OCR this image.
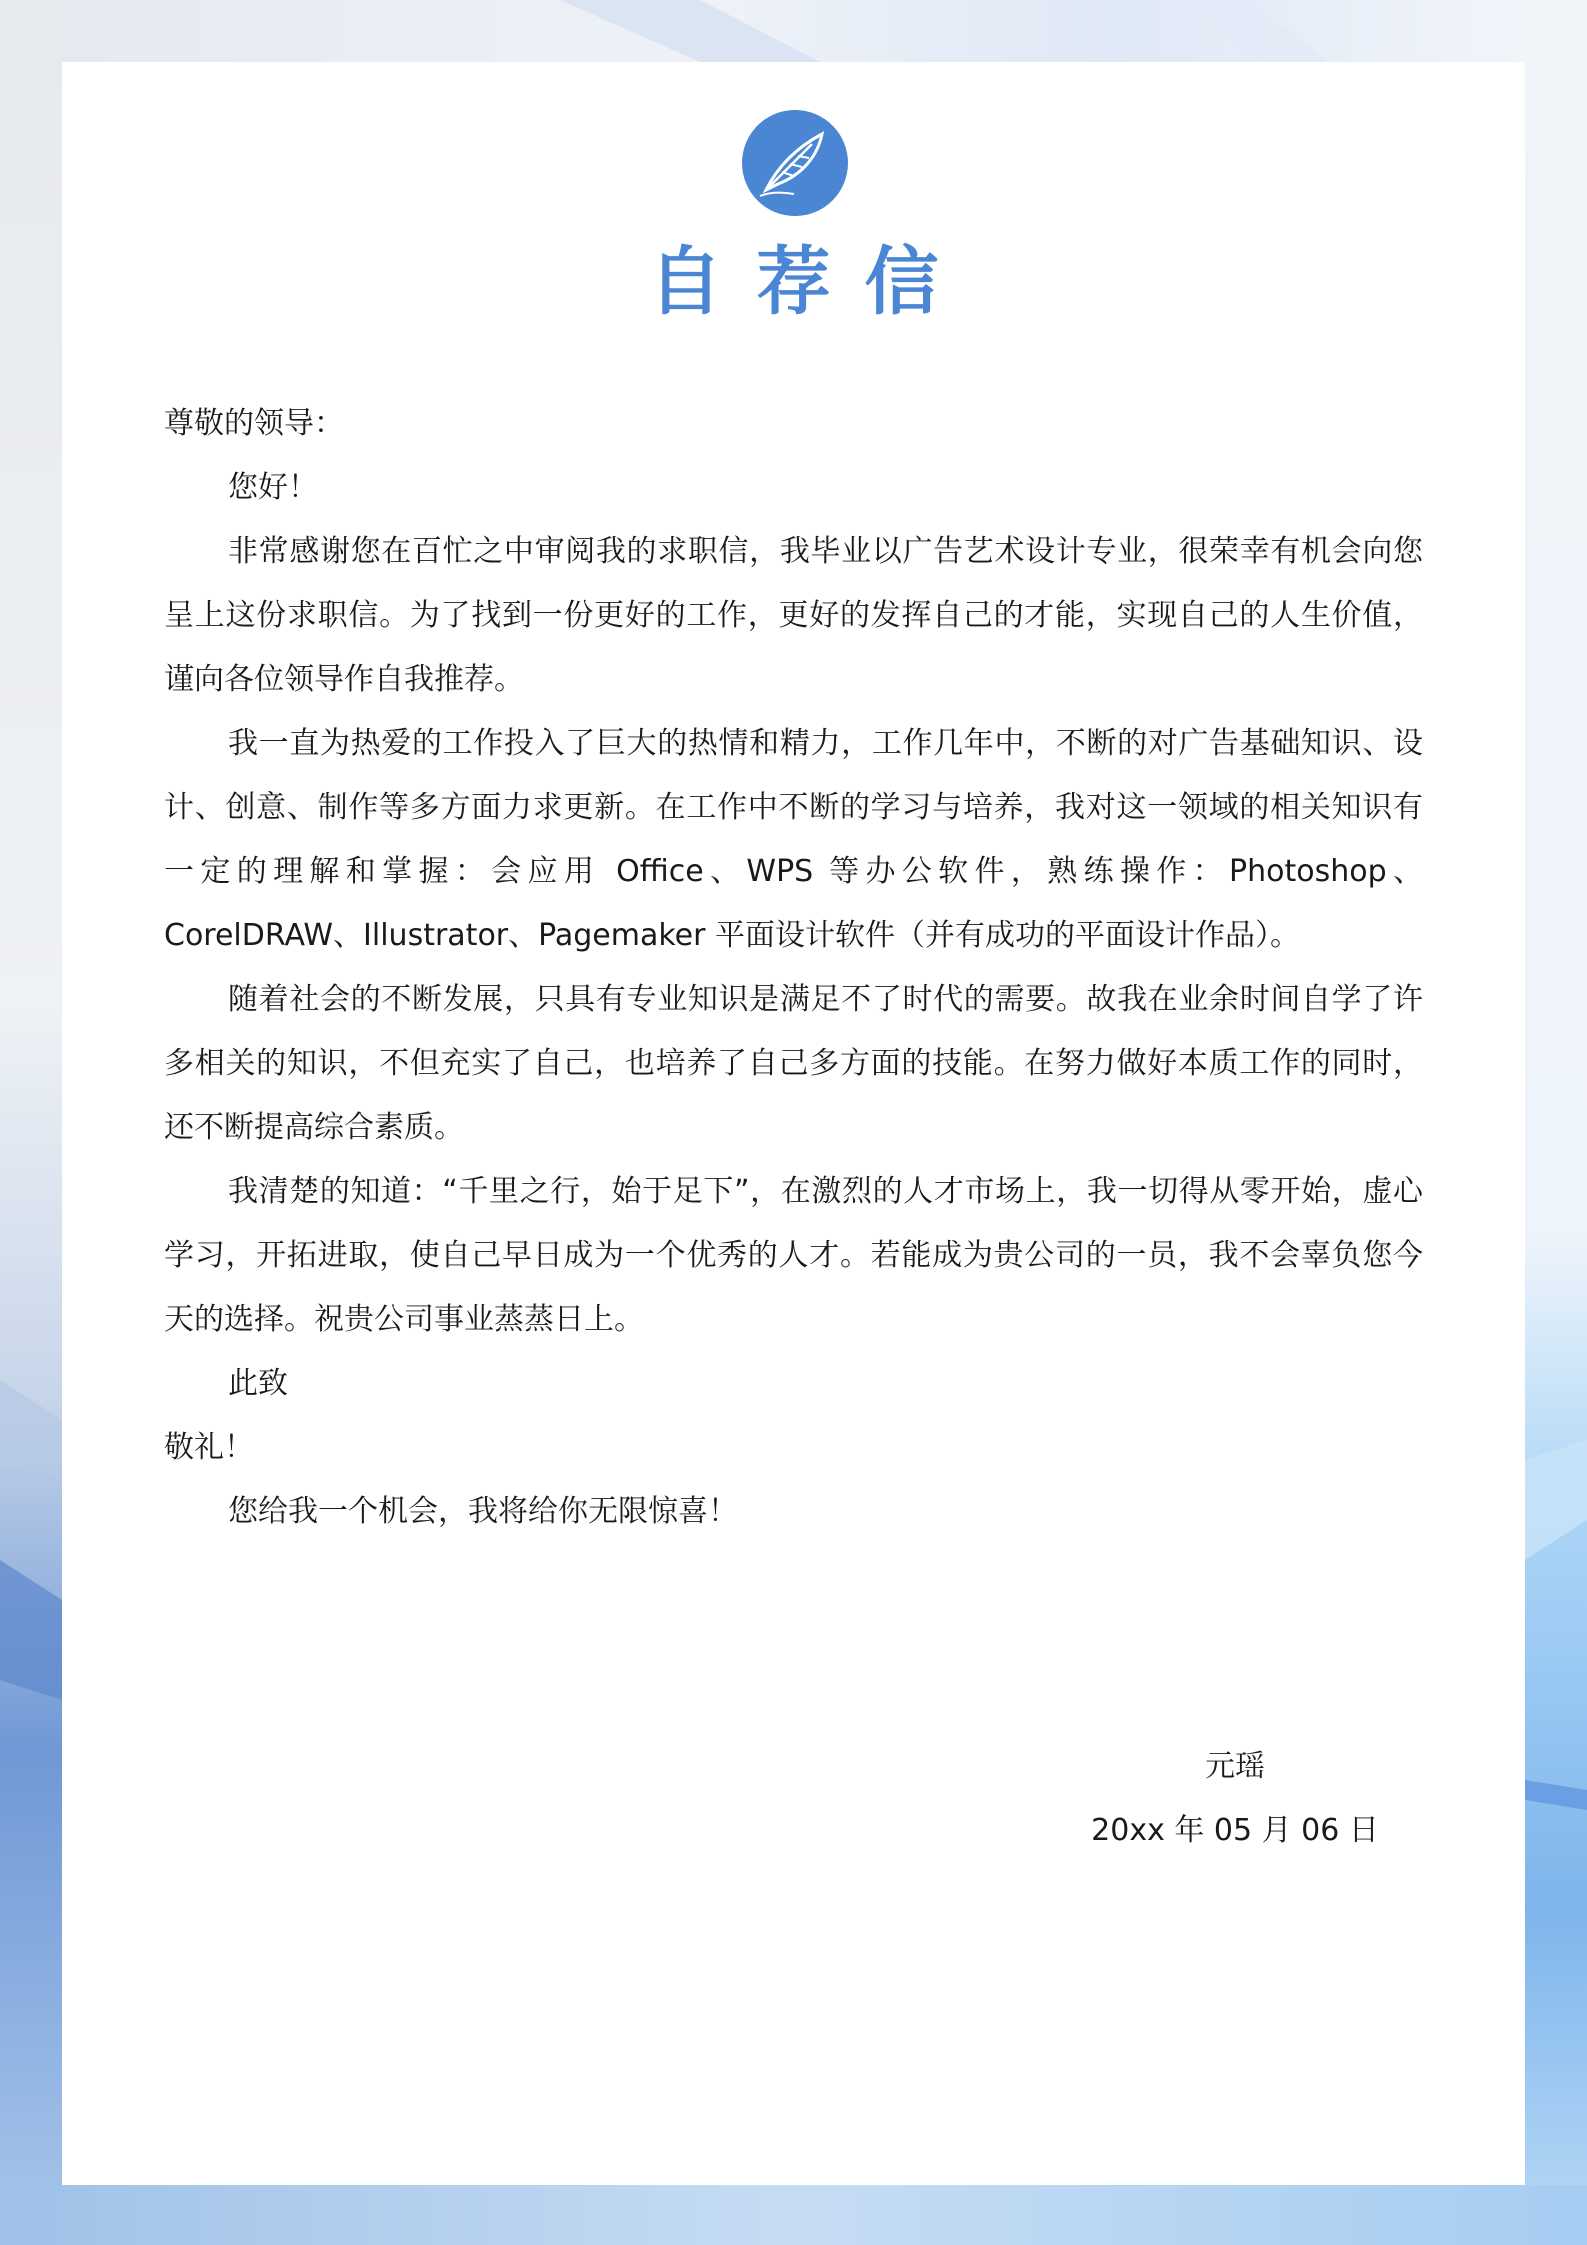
自荐信

尊敬的领导：

您好！

非常感谢您在百忙之中审阅我的求职信，我毕业以广告艺术设计专业，很荣幸有机会向您呈上这份求职信。为了找到一份更好的工作，更好的发挥自己的才能，实现自己的人生价值，谨向各位领导作自我推荐。

我一直为热爱的工作投入了巨大的热情和精力，工作几年中，不断的对广告基础知识、设计、创意、制作等多方面力求更新。在工作中不断的学习与培养，我对这一领域的相关知识有一定的理解和掌握：会应用 Office、WPS 等办公软件，熟练操作：Photoshop、CorelDRAW、Illustrator、Pagemaker 平面设计软件（并有成功的平面设计作品）。

随着社会的不断发展，只具有专业知识是满足不了时代的需要。故我在业余时间自学了许多相关的知识，不但充实了自己，也培养了自己多方面的技能。在努力做好本质工作的同时，还不断提高综合素质。

我清楚的知道：“千里之行，始于足下”，在激烈的人才市场上，我一切得从零开始，虚心学习，开拓进取，使自己早日成为一个优秀的人才。若能成为贵公司的一员，我不会辜负您今天的选择。祝贵公司事业蒸蒸日上。

此致

敬礼！

您给我一个机会，我将给你无限惊喜！

元瑶
20xx 年 05 月 06 日
